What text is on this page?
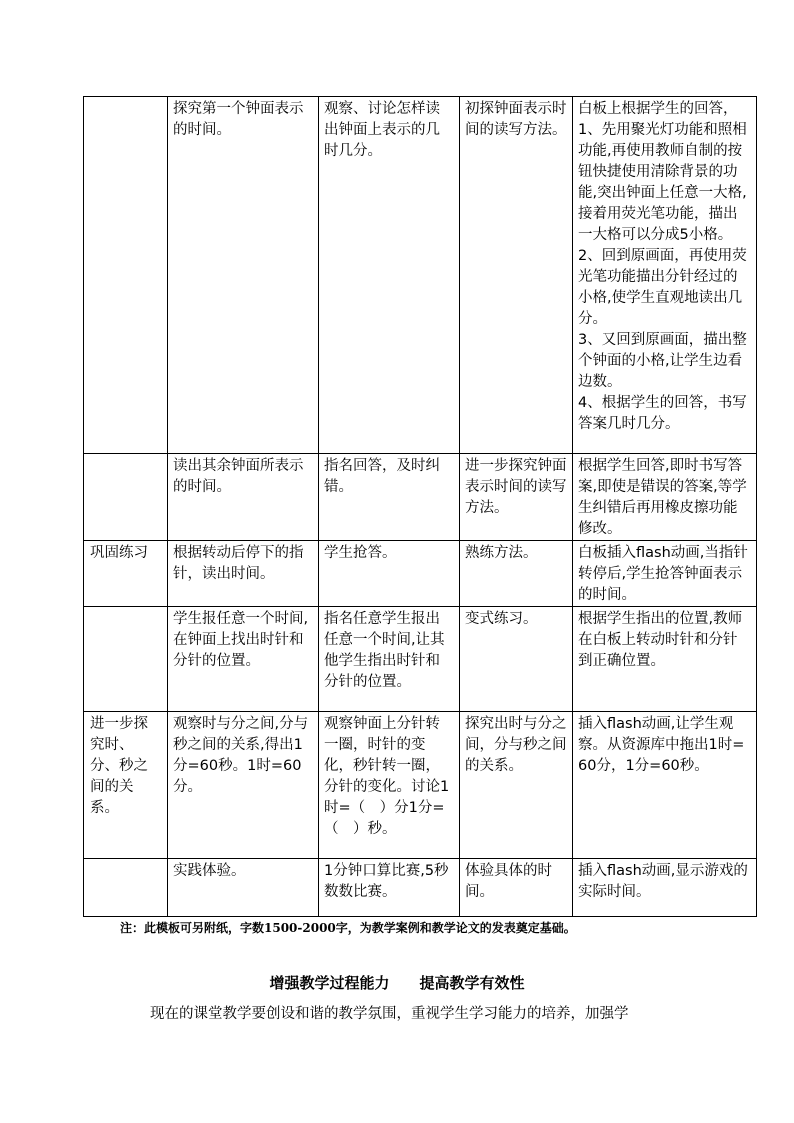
	探究第一个钟面表示的时间。	观察、讨论怎样读出钟面上表示的几时几分。	初探钟面表示时间的读写方法。	白板上根据学生的回答，
1、先用聚光灯功能和照相功能,再使用教师自制的按钮快捷使用清除背景的功能,突出钟面上任意一大格,接着用荧光笔功能，描出一大格可以分成5小格。
2、回到原画面，再使用荧光笔功能描出分针经过的小格,使学生直观地读出几分。
3、又回到原画面，描出整个钟面的小格,让学生边看边数。
4、根据学生的回答，书写答案几时几分。

	读出其余钟面所表示的时间。	指名回答，及时纠错。	进一步探究钟面表示时间的读写方法。	根据学生回答,即时书写答案,即使是错误的答案,等学生纠错后再用橡皮擦功能修改。

巩固练习	根据转动后停下的指针，读出时间。	学生抢答。	熟练方法。	白板插入flash动画,当指针转停后,学生抢答钟面表示的时间。

	学生报任意一个时间,在钟面上找出时针和分针的位置。	指名任意学生报出任意一个时间,让其他学生指出时针和分针的位置。	变式练习。	根据学生指出的位置,教师在白板上转动时针和分针到正确位置。

进一步探究时、分、秒之间的关系。	观察时与分之间,分与秒之间的关系,得出1分=60秒。1时=60分。	观察钟面上分针转一圈，时针的变化，秒针转一圈，分针的变化。讨论1时=（　）分1分=（　）秒。	探究出时与分之间，分与秒之间的关系。	插入flash动画,让学生观察。从资源库中拖出1时=60分，1分=60秒。

	实践体验。	1分钟口算比赛,5秒数数比赛。	体验具体的时间。	插入flash动画,显示游戏的实际时间。
注：此模板可另附纸，字数1500-2000字，为教学案例和教学论文的发表奠定基础。
增强教学过程能力　　提高教学有效性
现在的课堂教学要创设和谐的教学氛围，重视学生学习能力的培养，加强学
